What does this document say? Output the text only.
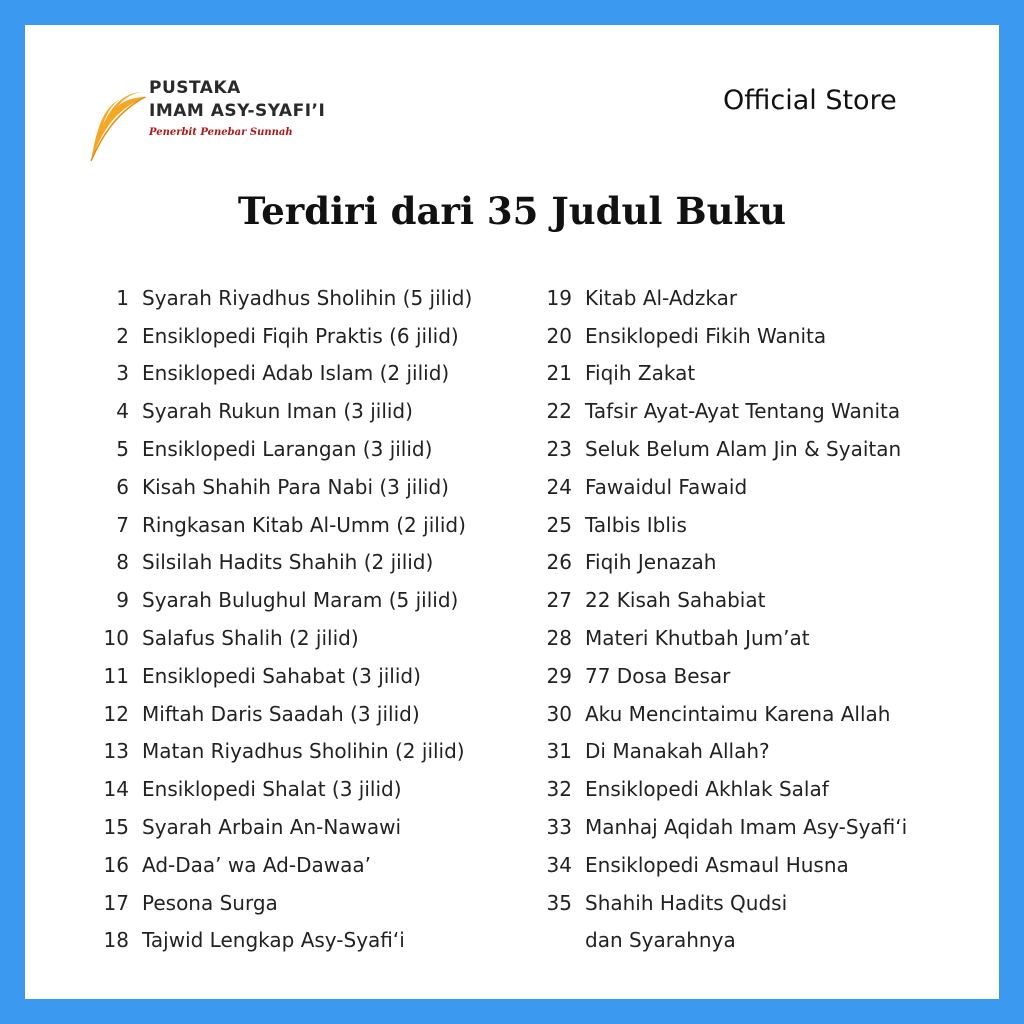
PUSTAKA
IMAM ASY-SYAFI’I
Penerbit Penebar Sunnah
Official Store
Terdiri dari 35 Judul Buku
1 Syarah Riyadhus Sholihin (5 jilid)
2 Ensiklopedi Fiqih Praktis (6 jilid)
3 Ensiklopedi Adab Islam (2 jilid)
4 Syarah Rukun Iman (3 jilid)
5 Ensiklopedi Larangan (3 jilid)
6 Kisah Shahih Para Nabi (3 jilid)
7 Ringkasan Kitab Al-Umm (2 jilid)
8 Silsilah Hadits Shahih (2 jilid)
9 Syarah Bulughul Maram (5 jilid)
10 Salafus Shalih (2 jilid)
11 Ensiklopedi Sahabat (3 jilid)
12 Miftah Daris Saadah (3 jilid)
13 Matan Riyadhus Sholihin (2 jilid)
14 Ensiklopedi Shalat (3 jilid)
15 Syarah Arbain An-Nawawi
16 Ad-Daa’ wa Ad-Dawaa’
17 Pesona Surga
18 Tajwid Lengkap Asy-Syafi‘i
19 Kitab Al-Adzkar
20 Ensiklopedi Fikih Wanita
21 Fiqih Zakat
22 Tafsir Ayat-Ayat Tentang Wanita
23 Seluk Belum Alam Jin & Syaitan
24 Fawaidul Fawaid
25 Talbis Iblis
26 Fiqih Jenazah
27 22 Kisah Sahabiat
28 Materi Khutbah Jum’at
29 77 Dosa Besar
30 Aku Mencintaimu Karena Allah
31 Di Manakah Allah?
32 Ensiklopedi Akhlak Salaf
33 Manhaj Aqidah Imam Asy-Syafi‘i
34 Ensiklopedi Asmaul Husna
35 Shahih Hadits Qudsi
dan Syarahnya
